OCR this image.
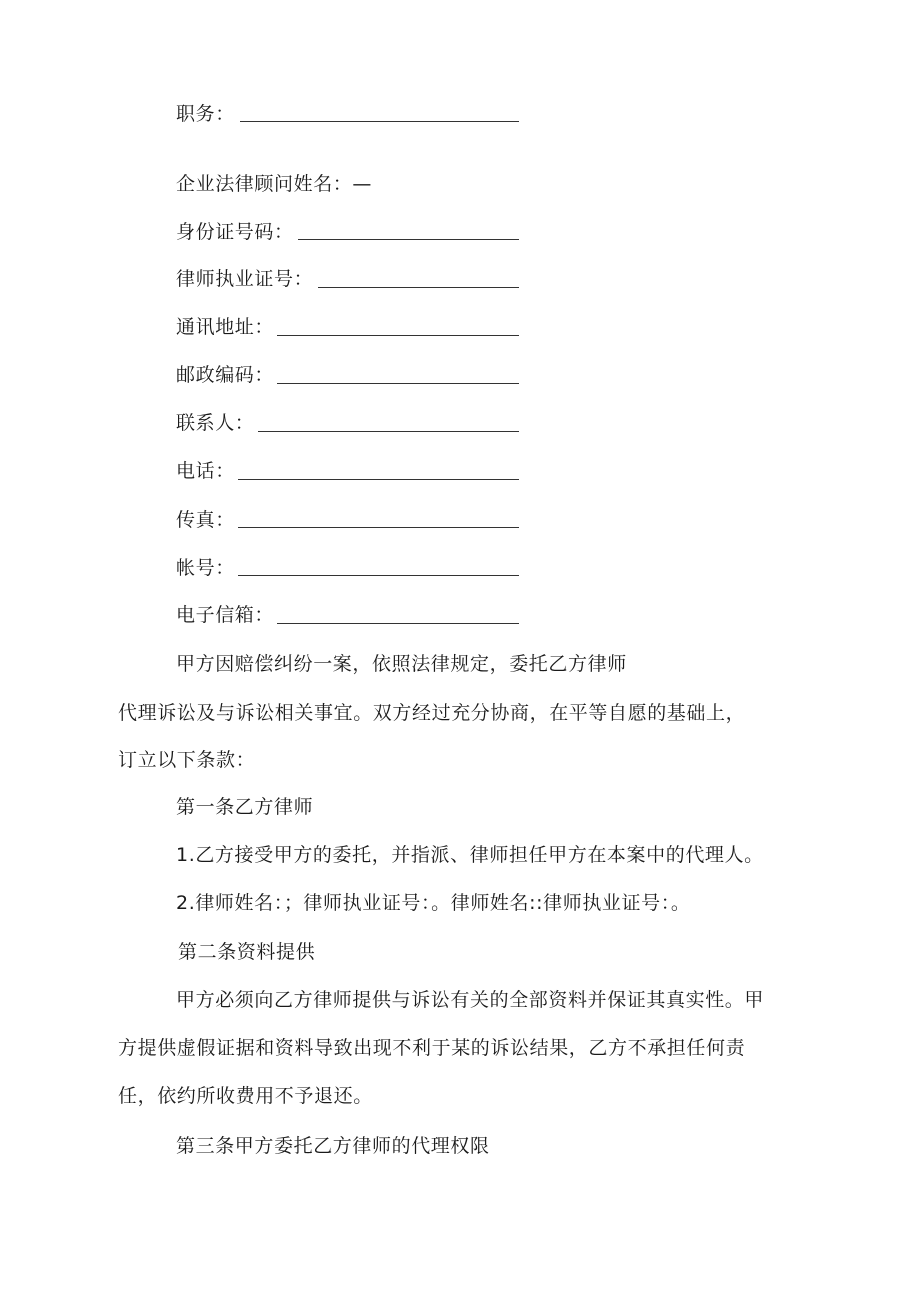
职务：
企业法律顾问姓名：—
身份证号码：
律师执业证号：
通讯地址：
邮政编码：
联系人：
电话：
传真：
帐号：
电子信箱：
甲方因赔偿纠纷一案，依照法律规定，委托乙方律师
代理诉讼及与诉讼相关事宜。双方经过充分协商，在平等自愿的基础上，
订立以下条款：
第一条乙方律师
1.乙方接受甲方的委托，并指派、律师担任甲方在本案中的代理人。
2.律师姓名：；律师执业证号：。律师姓名::律师执业证号：。
第二条资料提供
甲方必须向乙方律师提供与诉讼有关的全部资料并保证其真实性。甲
方提供虚假证据和资料导致出现不利于某的诉讼结果，乙方不承担任何责
任，依约所收费用不予退还。
第三条甲方委托乙方律师的代理权限
